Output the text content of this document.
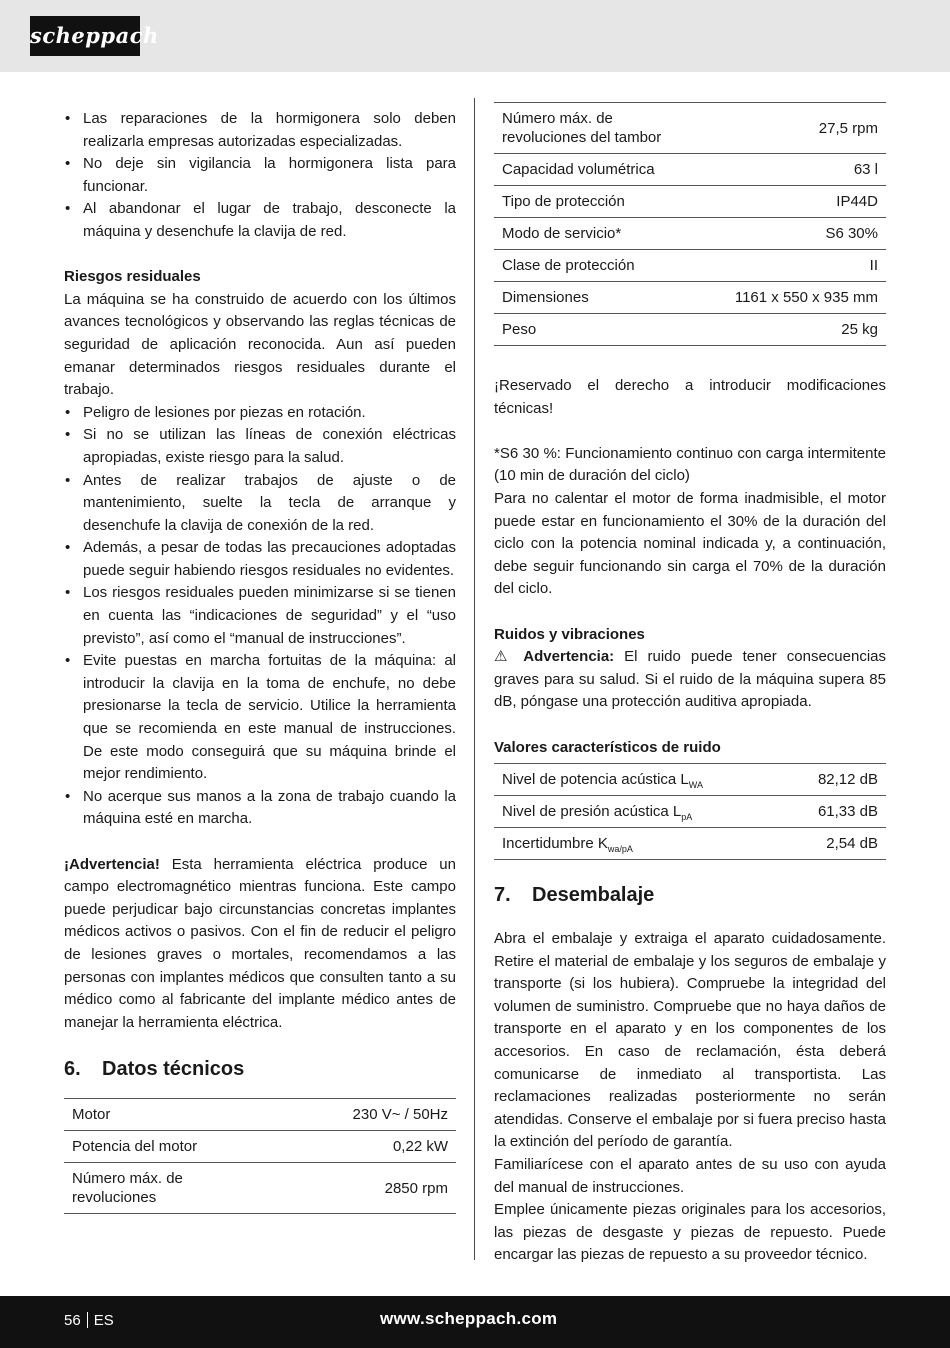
scheppach
• Las reparaciones de la hormigonera solo deben realizarla empresas autorizadas especializadas.
• No deje sin vigilancia la hormigonera lista para funcionar.
• Al abandonar el lugar de trabajo, desconecte la máquina y desenchufe la clavija de red.
Riesgos residuales

La máquina se ha construido de acuerdo con los últimos avances tecnológicos y observando las reglas técnicas de seguridad de aplicación reconocida. Aun así pueden emanar determinados riesgos residuales durante el trabajo.

• Peligro de lesiones por piezas en rotación.
• Si no se utilizan las líneas de conexión eléctricas apropiadas, existe riesgo para la salud.
• Antes de realizar trabajos de ajuste o de mantenimiento, suelte la tecla de arranque y desenchufe la clavija de conexión de la red.
• Además, a pesar de todas las precauciones adoptadas puede seguir habiendo riesgos residuales no evidentes.
• Los riesgos residuales pueden minimizarse si se tienen en cuenta las “indicaciones de seguridad” y el “uso previsto”, así como el “manual de instrucciones”.
• Evite puestas en marcha fortuitas de la máquina: al introducir la clavija en la toma de enchufe, no debe presionarse la tecla de servicio. Utilice la herramienta que se recomienda en este manual de instrucciones. De este modo conseguirá que su máquina brinde el mejor rendimiento.
• No acerque sus manos a la zona de trabajo cuando la máquina esté en marcha.

¡Advertencia! Esta herramienta eléctrica produce un campo electromagnético mientras funciona. Este campo puede perjudicar bajo circunstancias concretas implantes médicos activos o pasivos. Con el fin de reducir el peligro de lesiones graves o mortales, recomendamos a las personas con implantes médicos que consulten tanto a su médico como al fabricante del implante médico antes de manejar la herramienta eléctrica.

6.	Datos técnicos
Motor	230 V~ / 50Hz
Potencia del motor	0,22 kW
Número máx. de revoluciones	2850 rpm
Número máx. de revoluciones del tambor	27,5 rpm
Capacidad volumétrica	63 l
Tipo de protección	IP44D
Modo de servicio*	S6 30%
Clase de protección	II
Dimensiones	1161 x 550 x 935 mm
Peso	25 kg

¡Reservado el derecho a introducir modificaciones técnicas!

*S6 30 %: Funcionamiento continuo con carga intermitente (10 min de duración del ciclo)

Para no calentar el motor de forma inadmisible, el motor puede estar en funcionamiento el 30% de la duración del ciclo con la potencia nominal indicada y, a continuación, debe seguir funcionando sin carga el 70% de la duración del ciclo.

Ruidos y vibraciones

⚠ Advertencia: El ruido puede tener consecuencias graves para su salud. Si el ruido de la máquina supera 85 dB, póngase una protección auditiva apropiada.

Valores característicos de ruido
Nivel de potencia acústica $L_{WA}$	82,12 dB
Nivel de presión acústica $L_{pA}$	61,33 dB
Incertidumbre $K_{wa/pA}$	2,54 dB
7.	Desembalaje

Abra el embalaje y extraiga el aparato cuidadosamente. Retire el material de embalaje y los seguros de embalaje y transporte (si los hubiera). Compruebe la integridad del volumen de suministro. Compruebe que no haya daños de transporte en el aparato y en los componentes de los accesorios. En caso de reclamación, ésta deberá comunicarse de inmediato al transportista. Las reclamaciones realizadas posteriormente no serán atendidas. Conserve el embalaje por si fuera preciso hasta la extinción del período de garantía.

Familiarícese con el aparato antes de su uso con ayuda del manual de instrucciones.

Emplee únicamente piezas originales para los accesorios, las piezas de desgaste y piezas de repuesto. Puede encargar las piezas de repuesto a su proveedor técnico.

56 ES	www.scheppach.com
